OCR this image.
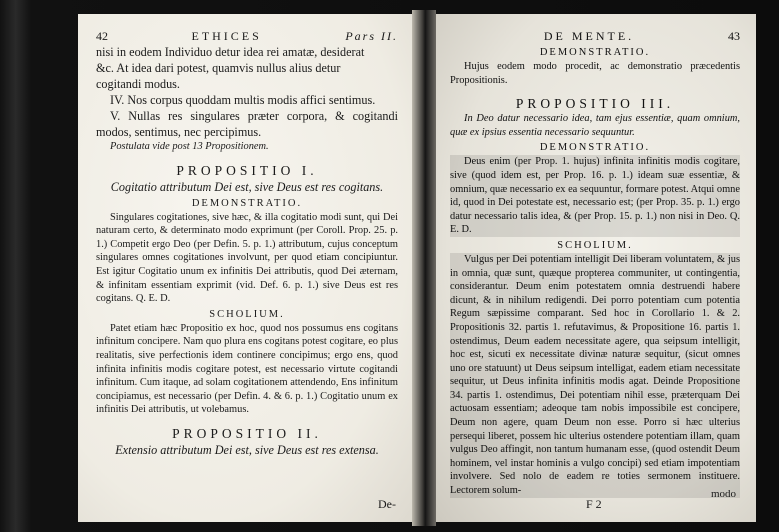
42	ETHICES	Pars II.

nisi in eodem Individuo detur idea rei amatæ, desiderat

&c. At idea dari potest, quamvis nullus alius detur

cogitandi modus.

IV. Nos corpus quoddam multis modis affici sentimus.

V. Nullas res singulares præter corpora, & cogitandi modos, sentimus, nec percipimus.

Postulata vide post 13 Propositionem.

PROPOSITIO I.

Cogitatio attributum Dei est, sive Deus est res cogitans.

DEMONSTRATIO.

Singulares cogitationes, sive hæc, & illa cogitatio modi sunt, qui Dei naturam certo, & determinato modo exprimunt (per Coroll. Prop. 25. p. 1.) Competit ergo Deo (per Defin. 5. p. 1.) attributum, cujus conceptum singulares omnes cogitationes involvunt, per quod etiam concipiuntur. Est igitur Cogitatio unum ex infinitis Dei attributis, quod Dei æternam, & infinitam essentiam exprimit (vid. Def. 6. p. 1.) sive Deus est res cogitans. Q. E. D.

SCHOLIUM.

Patet etiam hæc Propositio ex hoc, quod nos possumus ens cogitans infinitum concipere. Nam quo plura ens cogitans potest cogitare, eo plus realitatis, sive perfectionis idem continere concipimus; ergo ens, quod infinita infinitis modis cogitare potest, est necessario virtute cogitandi infinitum. Cum itaque, ad solam cogitationem attendendo, Ens infinitum concipiamus, est necessario (per Defin. 4. & 6. p. 1.) Cogitatio unum ex infinitis Dei attributis, ut volebamus.

PROPOSITIO II.

Extensio attributum Dei est, sive Deus est res extensa.

De-
DE MENTE.	43
DEMONSTRATIO.

Hujus eodem modo procedit, ac demonstratio præcedentis Propositionis.

PROPOSITIO III.

In Deo datur necessario idea, tam ejus essentiæ, quam omnium, quæ ex ipsius essentia necessario sequuntur.

DEMONSTRATIO.

Deus enim (per Prop. 1. hujus) infinita infinitis modis cogitare, sive (quod idem est, per Prop. 16. p. 1.) ideam suæ essentiæ, & omnium, quæ necessario ex ea sequuntur, formare potest. Atqui omne id, quod in Dei potestate est, necessario est; (per Prop. 35. p. 1.) ergo datur necessario talis idea, & (per Prop. 15. p. 1.) non nisi in Deo. Q. E. D.

SCHOLIUM.

Vulgus per Dei potentiam intelligit Dei liberam voluntatem, & jus in omnia, quæ sunt, quæque propterea communiter, ut contingentia, considerantur. Deum enim potestatem omnia destruendi habere dicunt, & in nihilum redigendi. Dei porro potentiam cum potentia Regum sæpissime comparant. Sed hoc in Corollario 1. & 2. Propositionis 32. partis 1. refutavimus, & Propositione 16. partis 1. ostendimus, Deum eadem necessitate agere, qua seipsum intelligit, hoc est, sicuti ex necessitate divinæ naturæ sequitur, (sicut omnes uno ore statuunt) ut Deus seipsum intelligat, eadem etiam necessitate sequitur, ut Deus infinita infinitis modis agat. Deinde Propositione 34. partis 1. ostendimus, Dei potentiam nihil esse, præterquam Dei actuosam essentiam; adeoque tam nobis impossibile est concipere, Deum non agere, quam Deum non esse. Porro si hæc ulterius persequi liberet, possem hic ulterius ostendere potentiam illam, quam vulgus Deo affingit, non tantum humanam esse, (quod ostendit Deum hominem, vel instar hominis a vulgo concipi) sed etiam impotentiam involvere. Sed nolo de eadem re toties sermonem instituere. Lectorem solum-	modo
F 2
